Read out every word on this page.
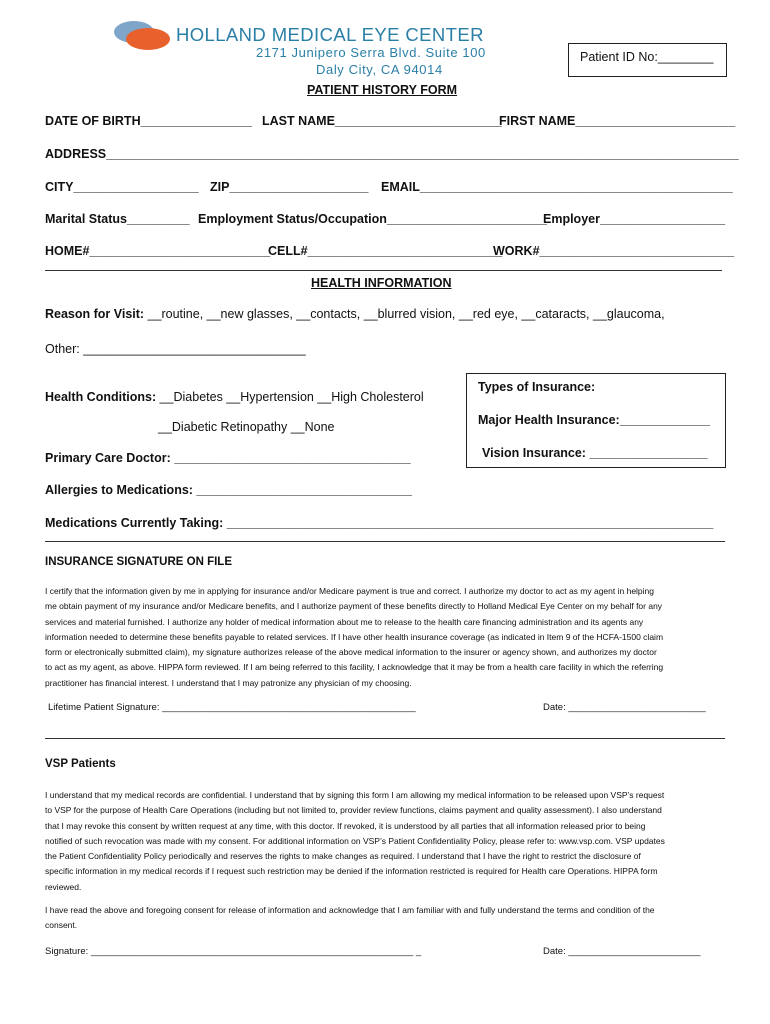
HOLLAND MEDICAL EYE CENTER
2171 Junipero Serra Blvd. Suite 100
Daly City, CA 94014
Patient ID No:________
PATIENT HISTORY FORM
DATE OF BIRTH________________ LAST NAME________________________
FIRST NAME_______________________
ADDRESS___________________________________________________________________________________________
CITY__________________ ZIP____________________ EMAIL_____________________________________________
Marital Status_________ Employment Status/Occupation_______________________
Employer__________________
HOME#__________________________
CELL#____________________________
WORK#____________________________
HEALTH INFORMATION
Reason for Visit: __routine, __new glasses, __contacts, __blurred vision, __red eye, __cataracts, __glaucoma,
Other: ________________________________
Health Conditions: __Diabetes __Hypertension __High Cholesterol
__Diabetic Retinopathy __None
Primary Care Doctor: __________________________________
Types of Insurance:
Major Health Insurance:_____________
Vision Insurance: _________________
Allergies to Medications: _______________________________
Medications Currently Taking: ______________________________________________________________________
INSURANCE SIGNATURE ON FILE
I certify that the information given by me in applying for insurance and/or Medicare payment is true and correct. I authorize my doctor to act as my agent in helping
me obtain payment of my insurance and/or Medicare benefits, and I authorize payment of these benefits directly to Holland Medical Eye Center on my behalf for any
services and material furnished. I authorize any holder of medical information about me to release to the health care financing administration and its agents any
information needed to determine these benefits payable to related services. If I have other health insurance coverage (as indicated in Item 9 of the HCFA-1500 claim
form or electronically submitted claim), my signature authorizes release of the above medical information to the insurer or agency shown, and authorizes my doctor
to act as my agent, as above. HIPPA form reviewed. If I am being referred to this facility, I acknowledge that it may be from a health care facility in which the referring
practitioner has financial interest. I understand that I may patronize any physician of my choosing.
Lifetime Patient Signature: ________________________________________________	Date: __________________________
VSP Patients
I understand that my medical records are confidential. I understand that by signing this form I am allowing my medical information to be released upon VSP’s request
to VSP for the purpose of Health Care Operations (including but not limited to, provider review functions, claims payment and quality assessment). I also understand
that I may revoke this consent by written request at any time, with this doctor. If revoked, it is understood by all parties that all information released prior to being
notified of such revocation was made with my consent. For additional information on VSP’s Patient Confidentiality Policy, please refer to: www.vsp.com. VSP updates
the Patient Confidentiality Policy periodically and reserves the rights to make changes as required. I understand that I have the right to restrict the disclosure of
specific information in my medical records if I request such restriction may be denied if the information restricted is required for Health care Operations. HIPPA form
reviewed.
I have read the above and foregoing consent for release of information and acknowledge that I am familiar with and fully understand the terms and condition of the
consent.
Signature: _____________________________________________________________ _	Date: _________________________
